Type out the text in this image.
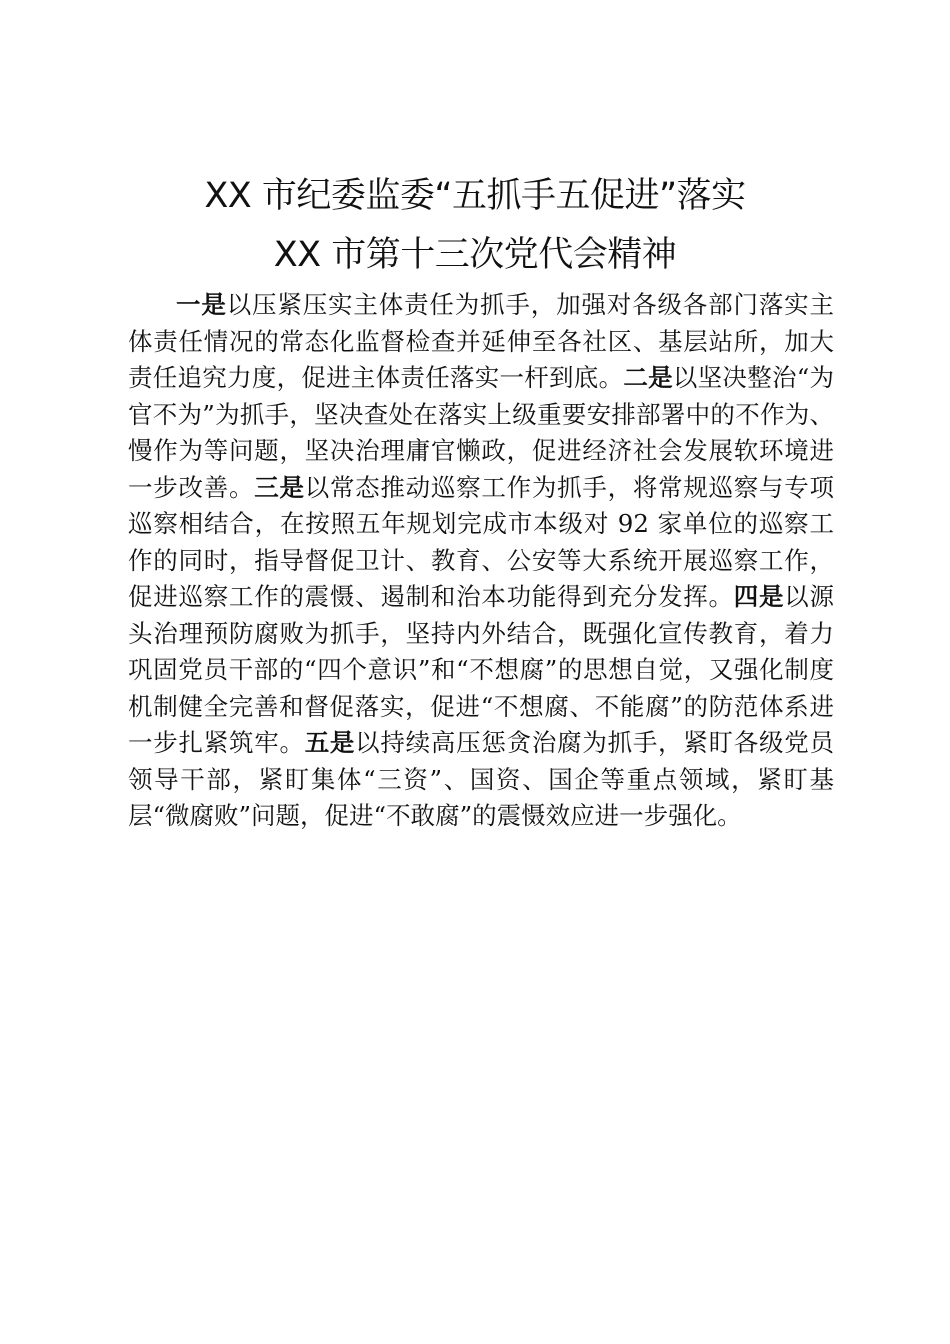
XX 市纪委监委“五抓手五促进”落实
XX 市第十三次党代会精神

一是以压紧压实主体责任为抓手，加强对各级各部门落实主体责任情况的常态化监督检查并延伸至各社区、基层站所，加大责任追究力度，促进主体责任落实一杆到底。二是以坚决整治“为官不为”为抓手，坚决查处在落实上级重要安排部署中的不作为、慢作为等问题，坚决治理庸官懒政，促进经济社会发展软环境进一步改善。三是以常态推动巡察工作为抓手，将常规巡察与专项巡察相结合，在按照五年规划完成市本级对 92 家单位的巡察工作的同时，指导督促卫计、教育、公安等大系统开展巡察工作，促进巡察工作的震慑、遏制和治本功能得到充分发挥。四是以源头治理预防腐败为抓手，坚持内外结合，既强化宣传教育，着力巩固党员干部的“四个意识”和“不想腐”的思想自觉，又强化制度机制健全完善和督促落实，促进“不想腐、不能腐”的防范体系进一步扎紧筑牢。五是以持续高压惩贪治腐为抓手，紧盯各级党员领导干部，紧盯集体“三资”、国资、国企等重点领域，紧盯基层“微腐败”问题，促进“不敢腐”的震慑效应进一步强化。
